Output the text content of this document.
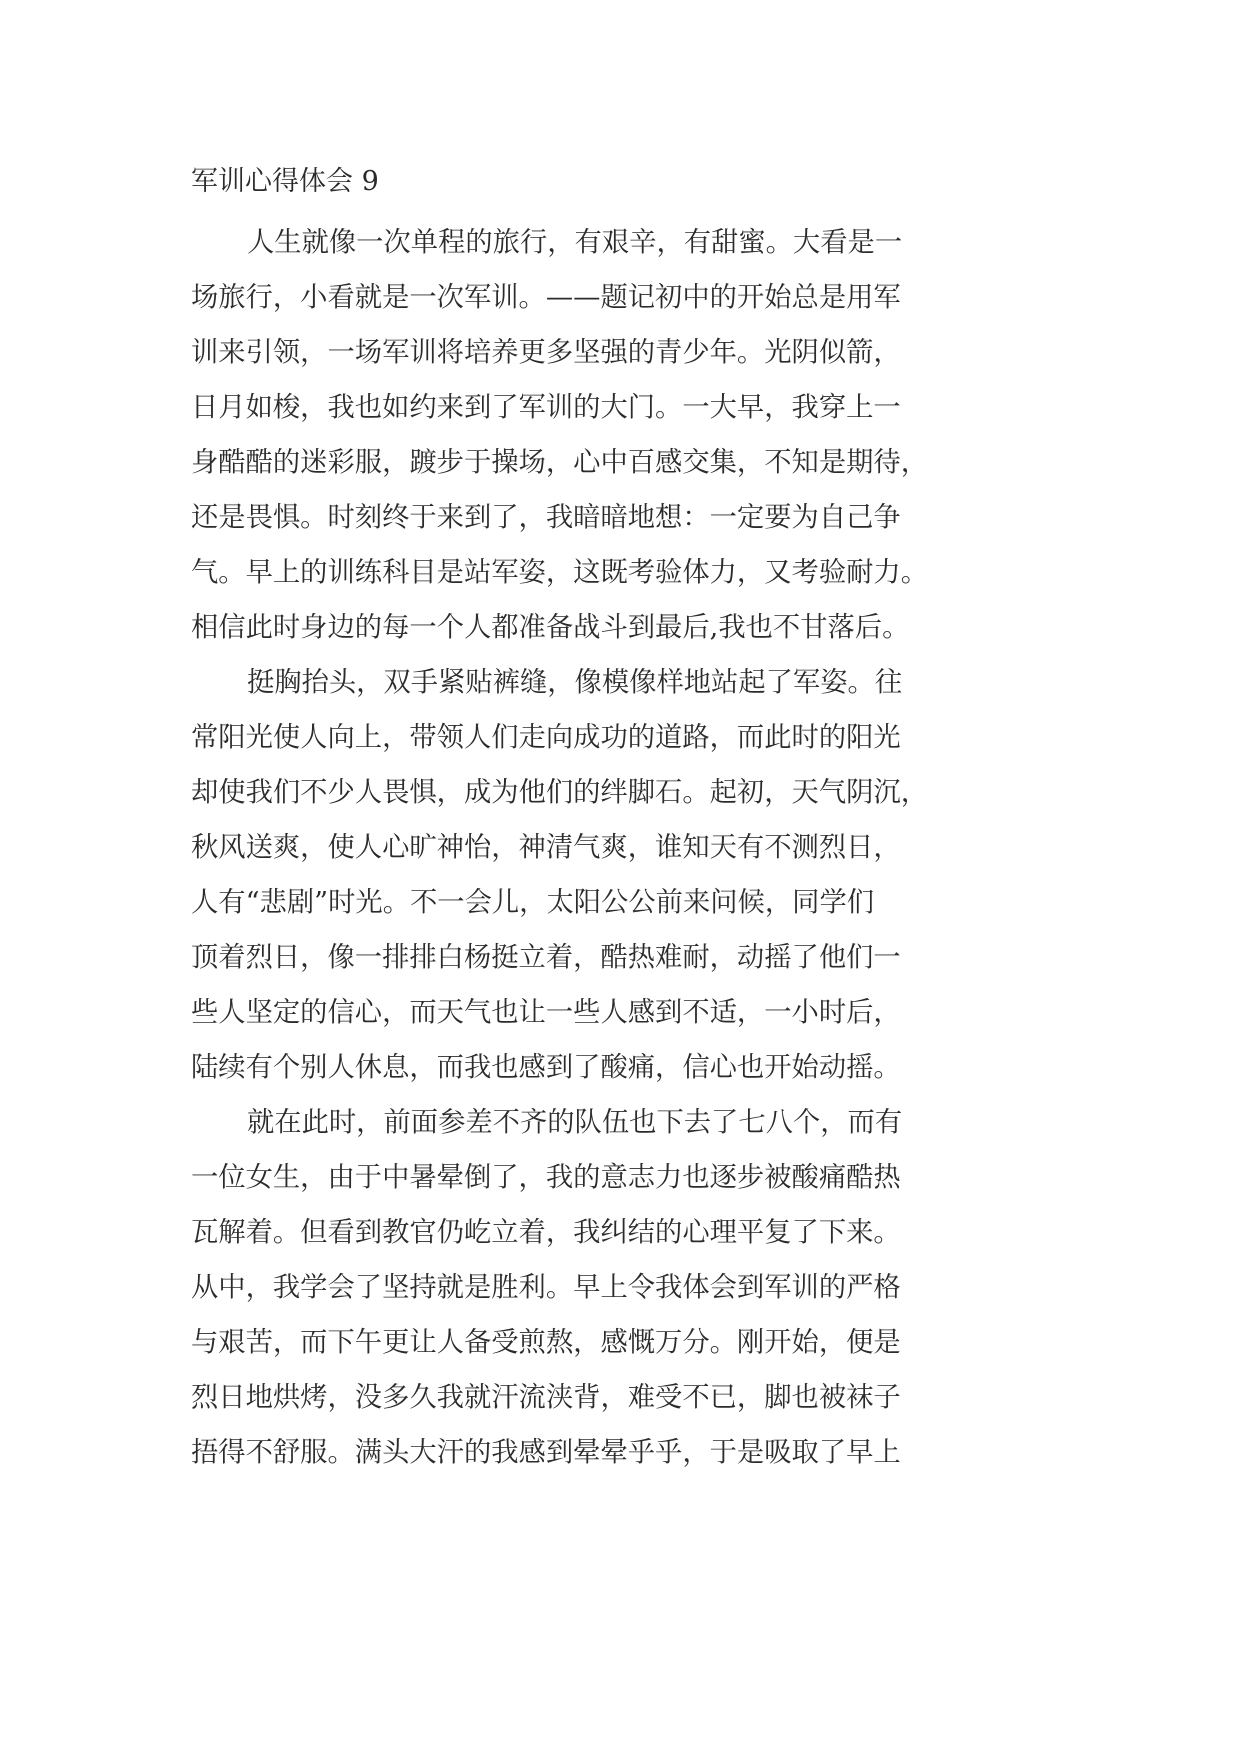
军训心得体会 9
人生就像一次单程的旅行，有艰辛，有甜蜜。大看是一
场旅行，小看就是一次军训。——题记初中的开始总是用军
训来引领，一场军训将培养更多坚强的青少年。光阴似箭，
日月如梭，我也如约来到了军训的大门。一大早，我穿上一
身酷酷的迷彩服，踱步于操场，心中百感交集，不知是期待，
还是畏惧。时刻终于来到了，我暗暗地想：一定要为自己争
气。早上的训练科目是站军姿，这既考验体力，又考验耐力。
相信此时身边的每一个人都准备战斗到最后,我也不甘落后。
挺胸抬头，双手紧贴裤缝，像模像样地站起了军姿。往
常阳光使人向上，带领人们走向成功的道路，而此时的阳光
却使我们不少人畏惧，成为他们的绊脚石。起初，天气阴沉，
秋风送爽，使人心旷神怡，神清气爽，谁知天有不测烈日，
人有“悲剧”时光。不一会儿，太阳公公前来问候，同学们
顶着烈日，像一排排白杨挺立着，酷热难耐，动摇了他们一
些人坚定的信心，而天气也让一些人感到不适，一小时后，
陆续有个别人休息，而我也感到了酸痛，信心也开始动摇。
就在此时，前面参差不齐的队伍也下去了七八个，而有
一位女生，由于中暑晕倒了，我的意志力也逐步被酸痛酷热
瓦解着。但看到教官仍屹立着，我纠结的心理平复了下来。
从中，我学会了坚持就是胜利。早上令我体会到军训的严格
与艰苦，而下午更让人备受煎熬，感慨万分。刚开始，便是
烈日地烘烤，没多久我就汗流浃背，难受不已，脚也被袜子
捂得不舒服。满头大汗的我感到晕晕乎乎，于是吸取了早上
